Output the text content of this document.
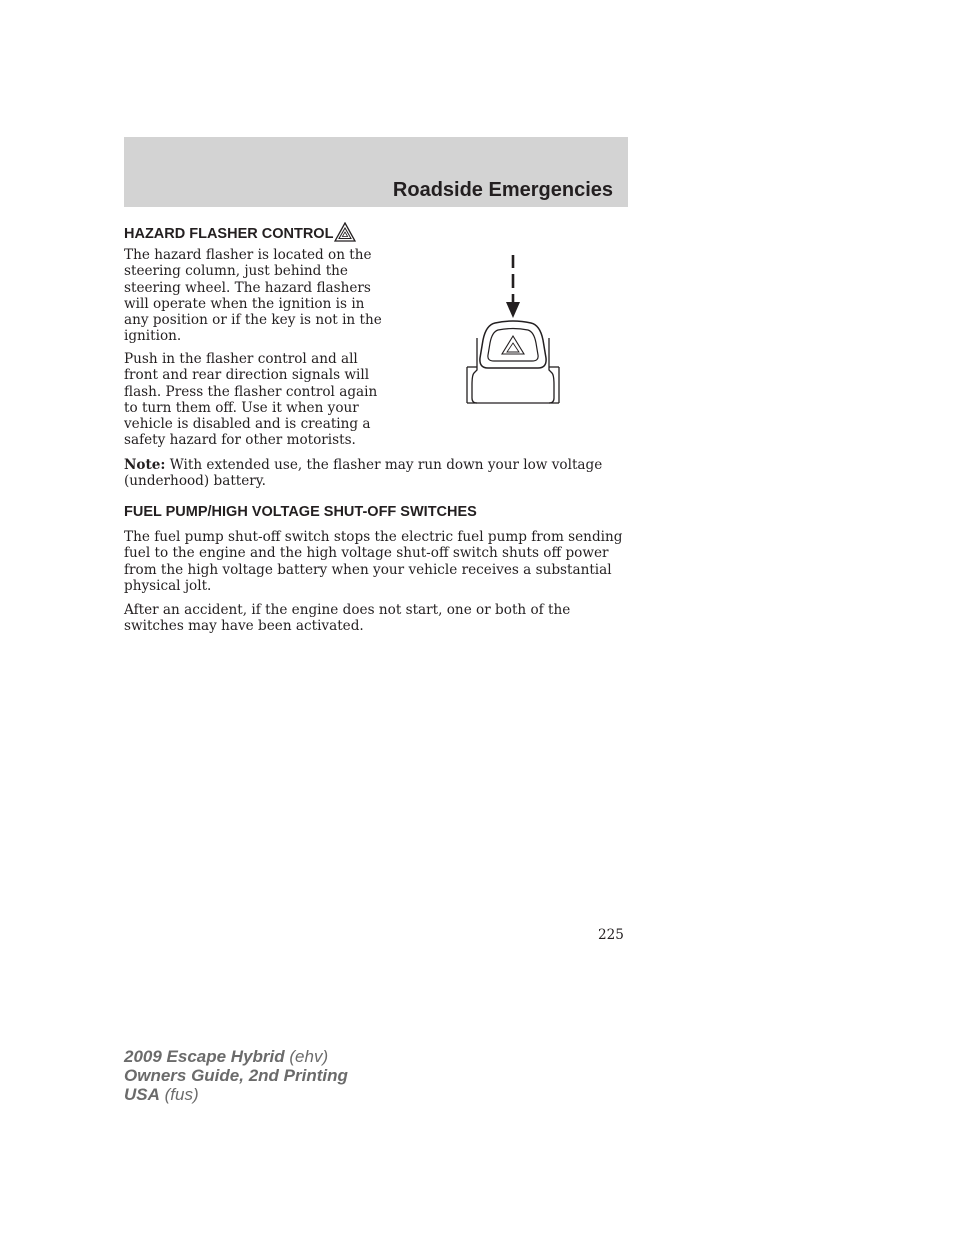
Roadside Emergencies
HAZARD FLASHER CONTROL

The hazard flasher is located on the steering column, just behind the steering wheel. The hazard flashers will operate when the ignition is in any position or if the key is not in the ignition.

Push in the flasher control and all front and rear direction signals will flash. Press the flasher control again to turn them off. Use it when your vehicle is disabled and is creating a safety hazard for other motorists.

Note: With extended use, the flasher may run down your low voltage (underhood) battery.

FUEL PUMP/HIGH VOLTAGE SHUT-OFF SWITCHES

The fuel pump shut-off switch stops the electric fuel pump from sending fuel to the engine and the high voltage shut-off switch shuts off power from the high voltage battery when your vehicle receives a substantial physical jolt.

After an accident, if the engine does not start, one or both of the switches may have been activated.

225
2009 Escape Hybrid (ehv)
Owners Guide, 2nd Printing
USA (fus)
